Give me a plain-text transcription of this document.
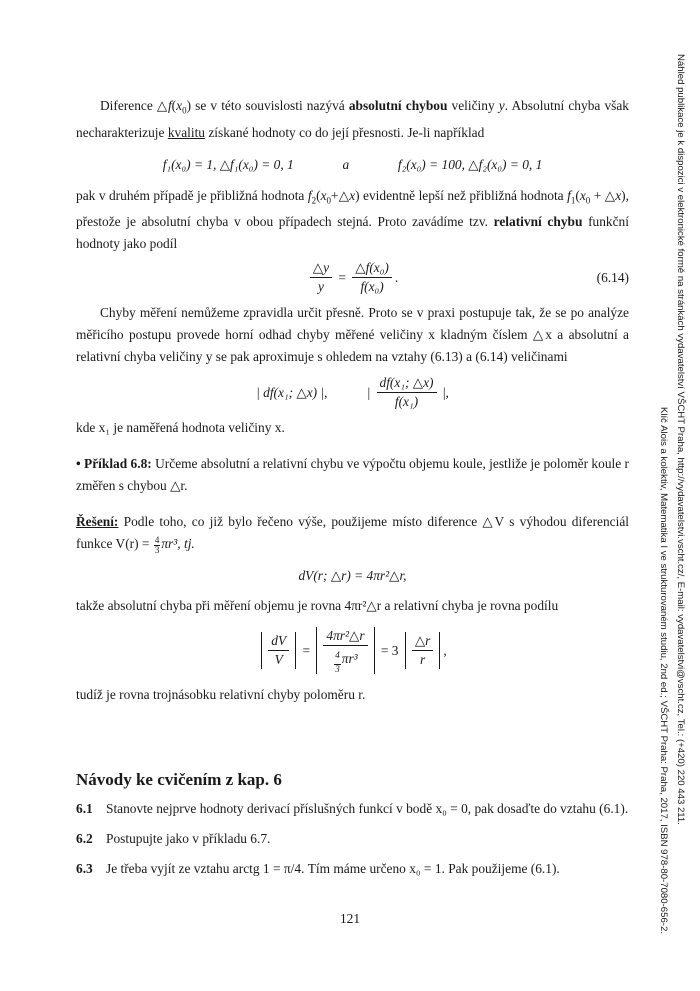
Diference $\triangle f(x_0)$ se v této souvislosti nazývá absolutní chybou veličiny y. Absolutní chyba však necharakterizuje kvalitu získané hodnoty co do její přesnosti. Je-li například

f₁(x₀) = 1, △f₁(x₀) = 0, 1	a	f₂(x₀) = 100, △f₂(x₀) = 0, 1

pak v druhém případě je přibližná hodnota $f_2(x_0+\triangle x)$ evidentně lepší než přibližná hodnota $f_1(x_0$ + △x), přestože je absolutní chyba v obou případech stejná. Proto zavádíme tzv. relativní chybu funkční hodnoty jako podíl

$\frac{\triangle y}{y} = \frac{\text{△f(x₀)}}{\text{f(x₀)}}$ .	(6.14)

Chyby měření nemůžeme zpravidla určit přesně. Proto se v praxi postupuje tak, že se po analýze měřicího postupu provede horní odhad chyby měřené veličiny x kladným číslem △x a absolutní a relativní chyba veličiny y se pak aproximuje s ohledem na vztahy (6.13) a (6.14) veličinami

| df(x₁; △x) |,	| $\frac{\text{df(x₁; △x)}}{\text{f(x₁)}}$ |,

kde x₁ je naměřená hodnota veličiny x.

• Příklad 6.8: Určeme absolutní a relativní chybu ve výpočtu objemu koule, jestliže je poloměr koule r změřen s chybou △r.

Řešení: Podle toho, co již bylo řečeno výše, použijeme místo diference △V s výhodou diferenciál funkce $V(r) = \frac{4}{3} \pi r^3$, tj.

dV(r; △r) = 4πr²△r,

takže absolutní chyba při měření objemu je rovna 4πr²△r a relativní chyba je rovna podílu

$\frac{dV}{V} = \frac{\text{4πr²△r}}{\frac{4}{3} \pi r^3}$
= 3
$\frac{\triangle r}{r}$ ,

tudíž je rovna trojnásobku relativní chyby poloměru r.

Návody ke cvičením z kap. 6
6.1 Stanovte nejprve hodnoty derivací příslušných funkcí v bodě x₀ = 0, pak dosaďte do vztahu (6.1).
6.2 Postupujte jako v příkladu 6.7.
6.3 Je třeba vyjít ze vztahu arctg 1 = π/4. Tím máme určeno x₀ = 1. Pak použijeme (6.1).
121
Náhled publikace je k dispozici v elektronické formě na stránkách vydavatelství VŠCHT Praha, http://vydavatelstvi.vscht.cz/, E-mail: vydavatelstvi@vscht.cz, Tel.: (+420) 220 443 211.
Klíč Alois a kolektiv, Matematika I ve strukturovaném studiu, 2nd ed.; VŠCHT Praha: Praha, 2017, ISBN 978-80-7080-656-2.
